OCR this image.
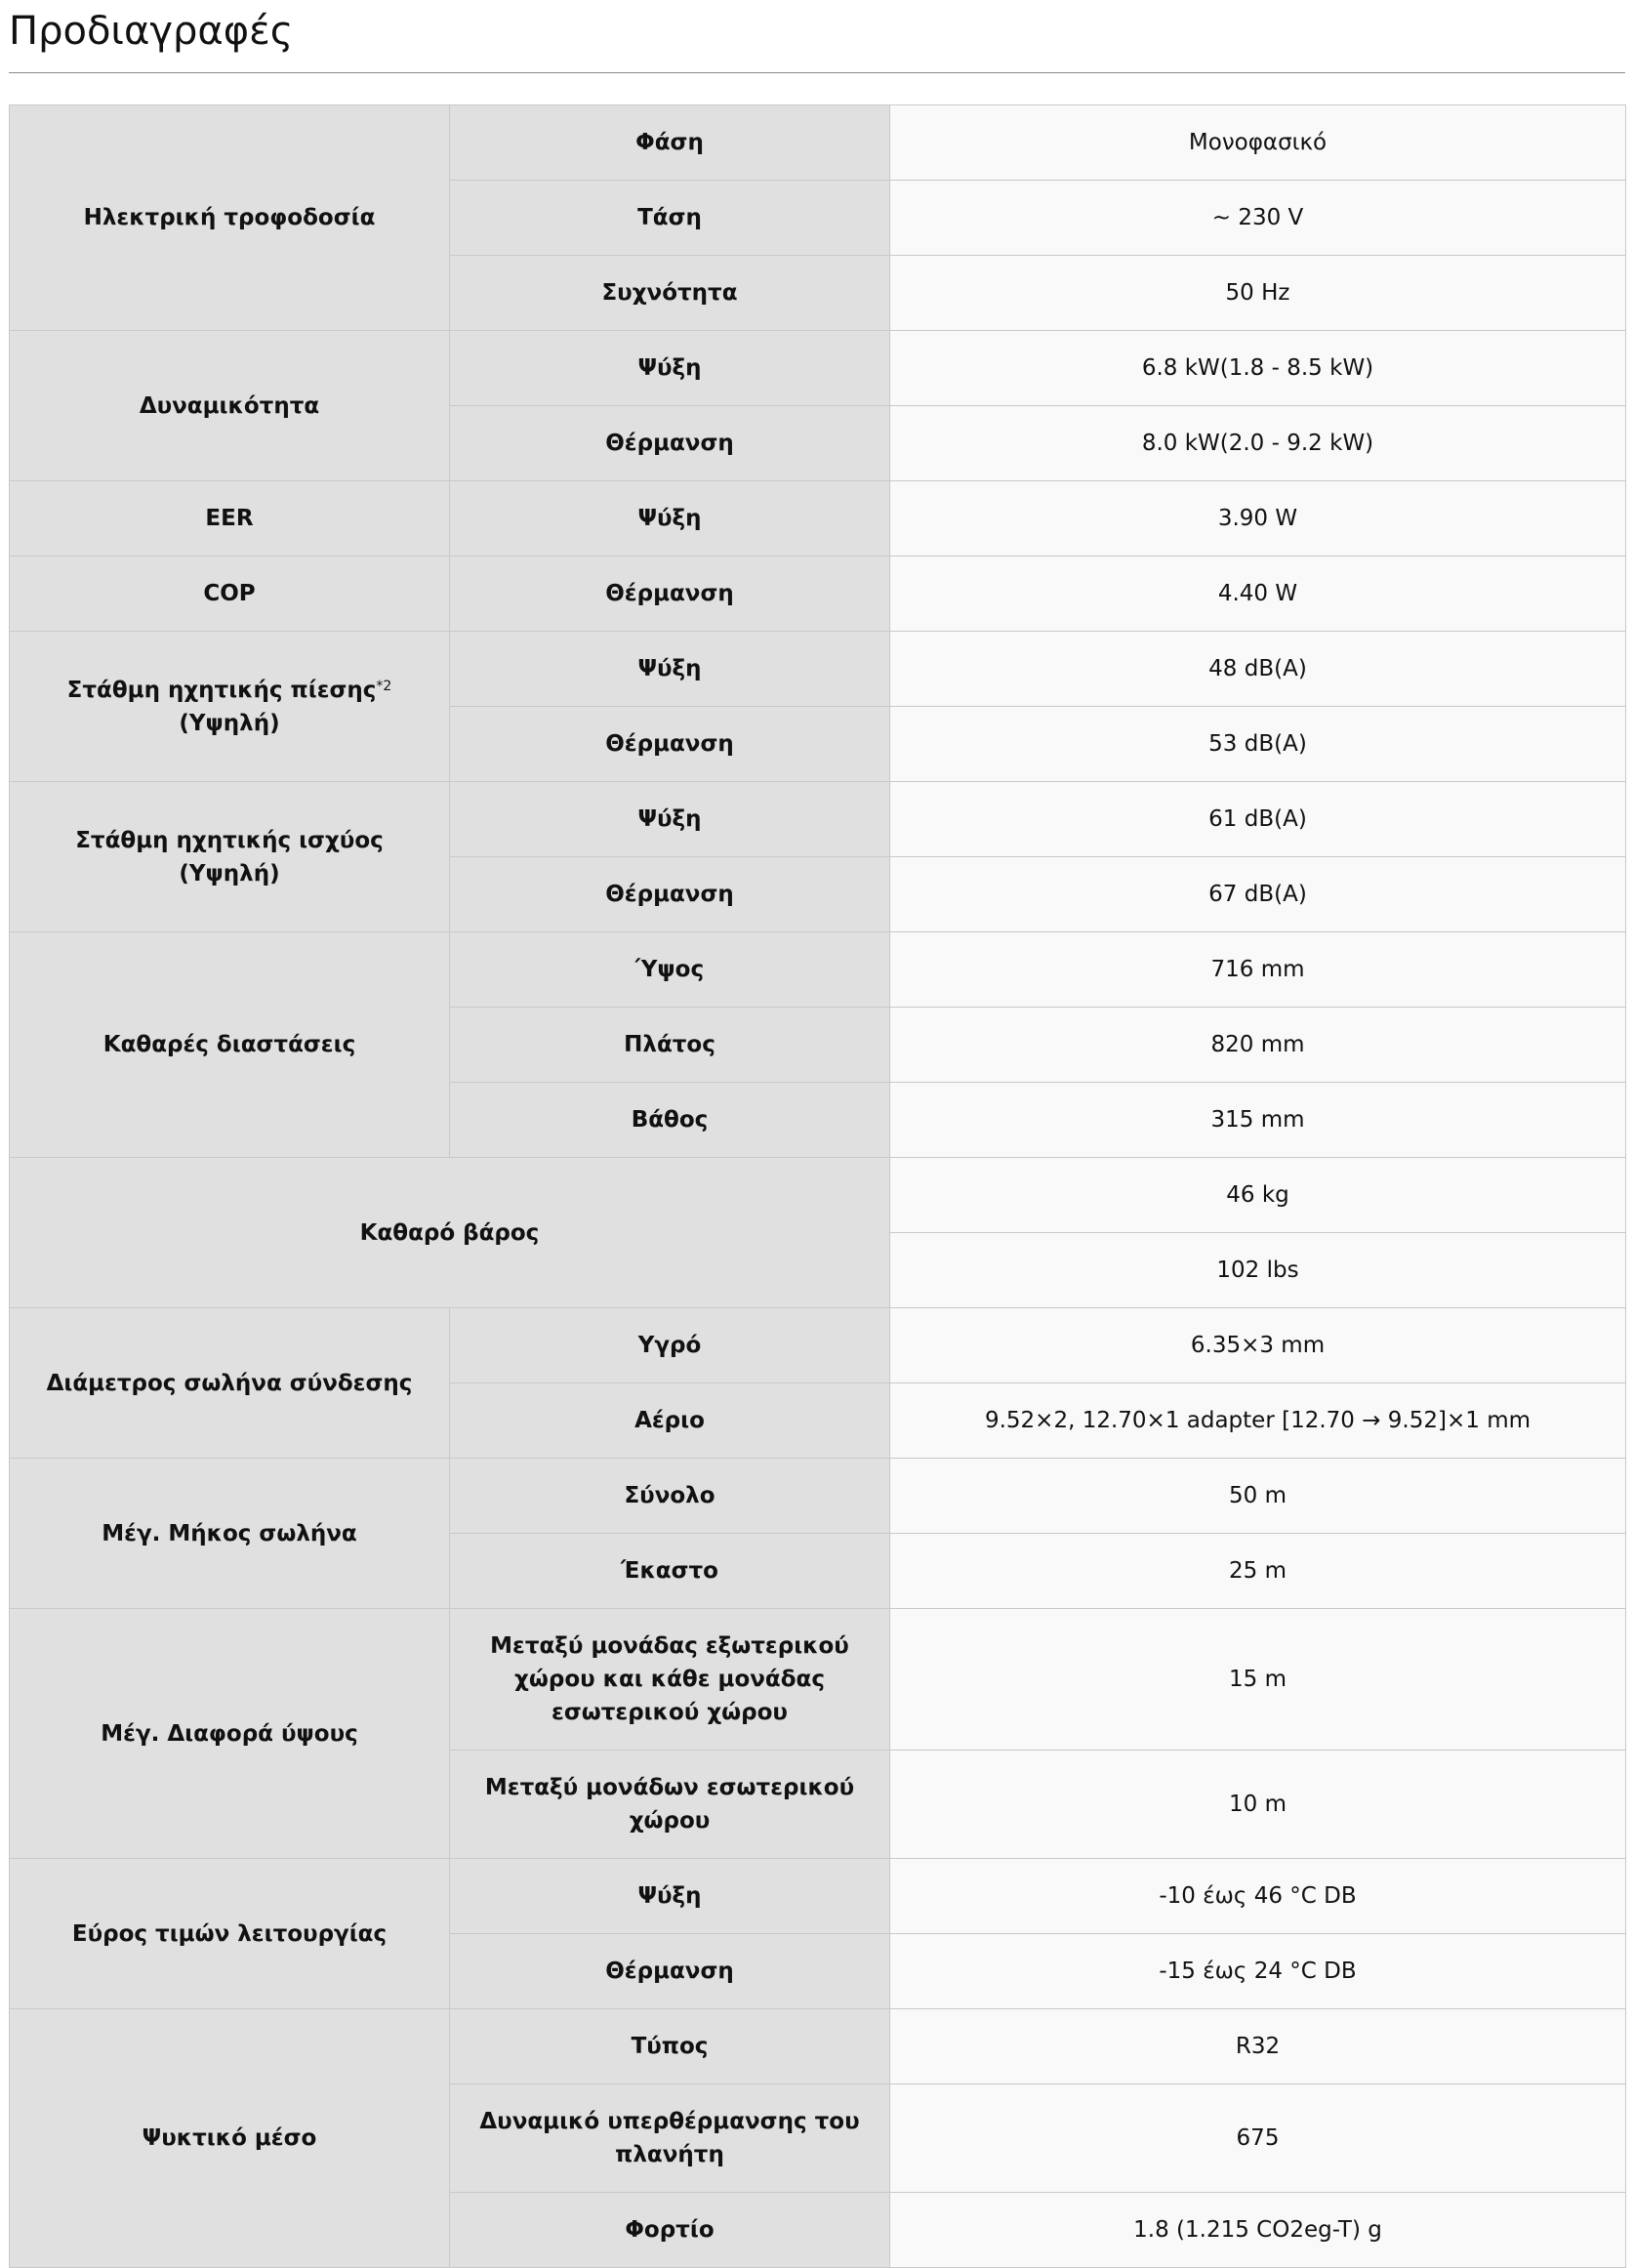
Προδιαγραφές
Ηλεκτρική τροφοδοσία	Φάση	Μονοφασικό
	Τάση	~ 230 V
	Συχνότητα	50 Hz
Δυναμικότητα	Ψύξη	6.8 kW(1.8 - 8.5 kW)
	Θέρμανση	8.0 kW(2.0 - 9.2 kW)
EER	Ψύξη	3.90 W
COP	Θέρμανση	4.40 W
Στάθμη ηχητικής πίεσης$^{*2}$ (Υψηλή)	Ψύξη	48 dB(A)
	Θέρμανση	53 dB(A)
Στάθμη ηχητικής ισχύος (Υψηλή)	Ψύξη	61 dB(A)
	Θέρμανση	67 dB(A)
Καθαρές διαστάσεις	Ύψος	716 mm
	Πλάτος	820 mm
	Βάθος	315 mm
Καθαρό βάρος		46 kg
		102 lbs
Διάμετρος σωλήνα σύνδεσης	Υγρό	6.35×3 mm
	Αέριο	9.52×2, 12.70×1 adapter [12.70 → 9.52]×1 mm
Μέγ. Μήκος σωλήνα	Σύνολο	50 m
	Έκαστο	25 m
Μέγ. Διαφορά ύψους	Μεταξύ μονάδας εξωτερικού χώρου και κάθε μονάδας εσωτερικού χώρου	15 m
	Μεταξύ μονάδων εσωτερικού χώρου	10 m
Εύρος τιμών λειτουργίας	Ψύξη	-10 έως 46 °C DB
	Θέρμανση	-15 έως 24 °C DB
Ψυκτικό μέσο	Τύπος	R32
	Δυναμικό υπερθέρμανσης του πλανήτη	675
	Φορτίο	1.8 (1.215 CO2eg-T) g
